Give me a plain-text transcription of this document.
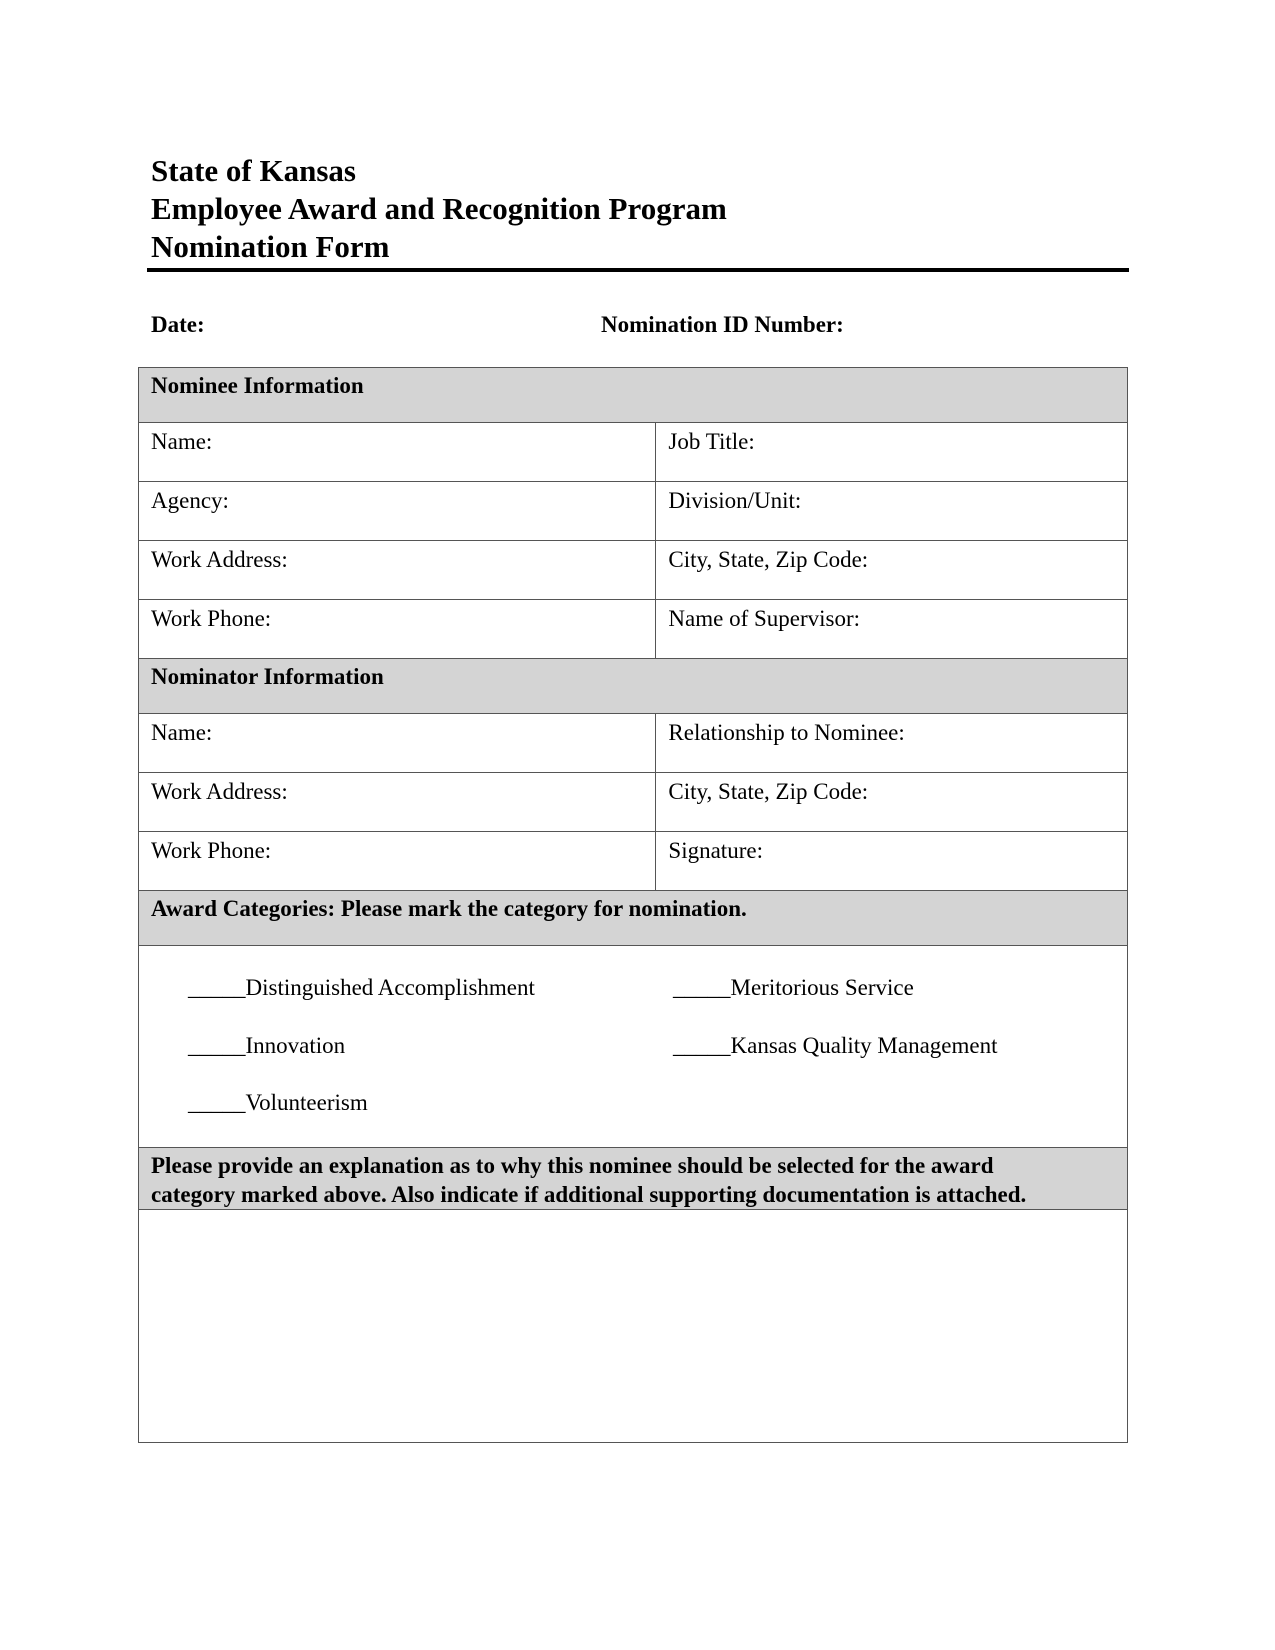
State of Kansas
Employee Award and Recognition Program
Nomination Form
Date:	Nomination ID Number:
Nominee Information	

Name:	Job Title:

Agency:	Division/Unit:

Work Address:	City, State, Zip Code:

Work Phone:	Name of Supervisor:

Nominator Information	

Name:	Relationship to Nominee:

Work Address:	City, State, Zip Code:

Work Phone:	Signature:

Award Categories: Please mark the category for nomination.	

_____Distinguished Accomplishment _____Meritorious Service
_____Innovation _____Kansas Quality Management
_____Volunteerism	

Please provide an explanation as to why this nominee should be selected for the award
category marked above. Also indicate if additional supporting documentation is attached.	
